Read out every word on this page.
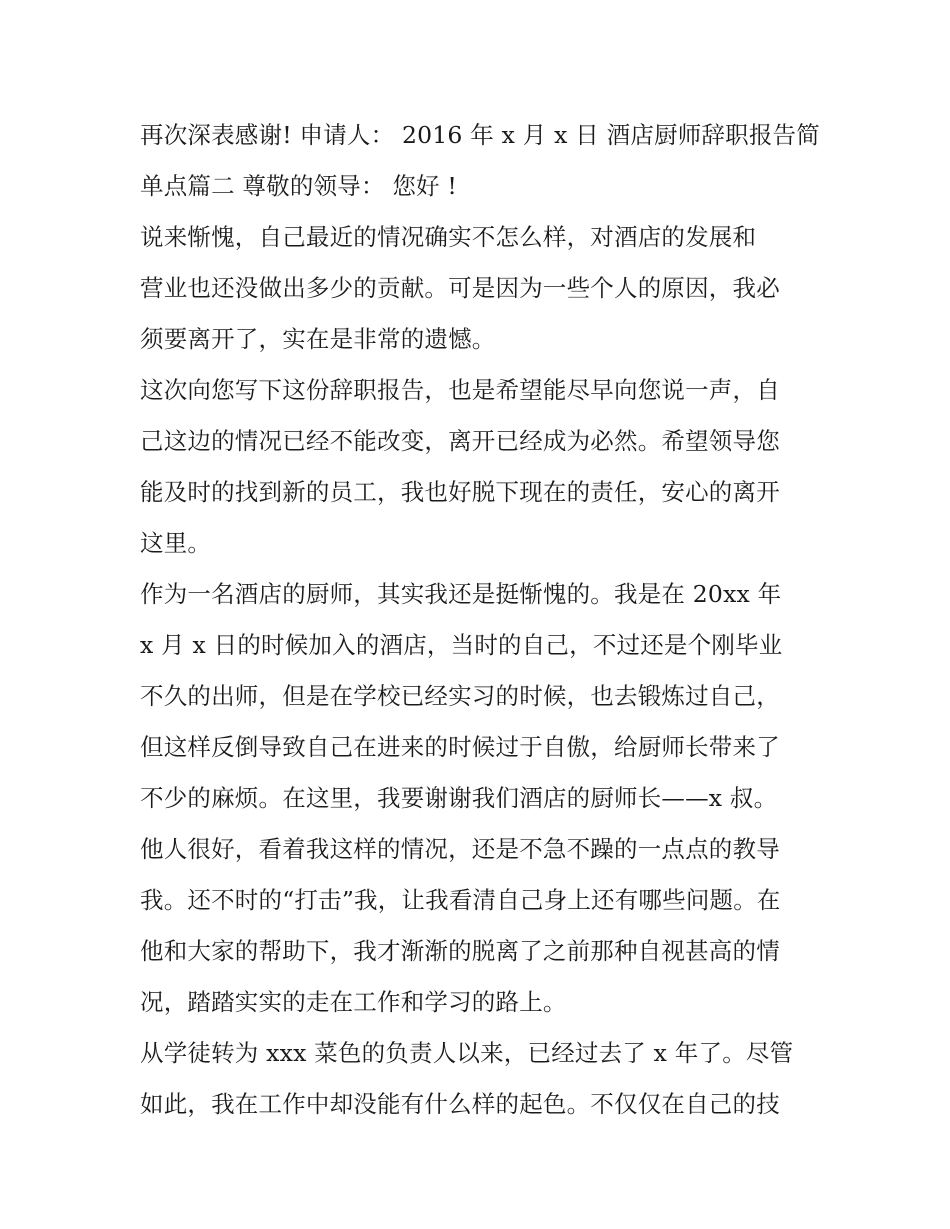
再次深表感谢! 申请人： 2016 年 x 月 x 日 酒店厨师辞职报告简
单点篇二 尊敬的领导： 您好 !
说来惭愧，自己最近的情况确实不怎么样，对酒店的发展和
营业也还没做出多少的贡献。可是因为一些个人的原因，我必
须要离开了，实在是非常的遗憾。
这次向您写下这份辞职报告，也是希望能尽早向您说一声，自
己这边的情况已经不能改变，离开已经成为必然。希望领导您
能及时的找到新的员工，我也好脱下现在的责任，安心的离开
这里。
作为一名酒店的厨师，其实我还是挺惭愧的。我是在 20xx 年
x 月 x 日的时候加入的酒店，当时的自己，不过还是个刚毕业
不久的出师，但是在学校已经实习的时候，也去锻炼过自己，
但这样反倒导致自己在进来的时候过于自傲，给厨师长带来了
不少的麻烦。在这里，我要谢谢我们酒店的厨师长——x 叔。
他人很好，看着我这样的情况，还是不急不躁的一点点的教导
我。还不时的“打击”我，让我看清自己身上还有哪些问题。在
他和大家的帮助下，我才渐渐的脱离了之前那种自视甚高的情
况，踏踏实实的走在工作和学习的路上。
从学徒转为 xxx 菜色的负责人以来，已经过去了 x 年了。尽管
如此，我在工作中却没能有什么样的起色。不仅仅在自己的技
